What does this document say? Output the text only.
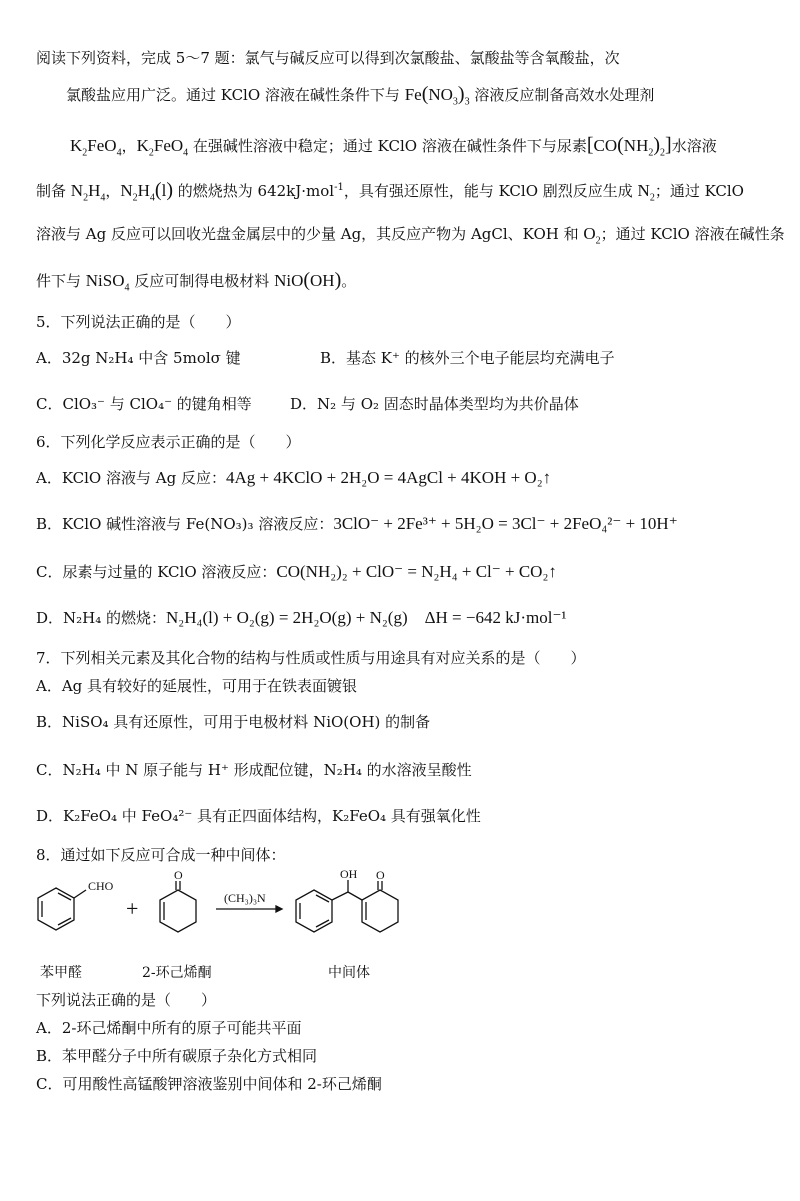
阅读下列资料，完成 5～7 题：氯气与碱反应可以得到次氯酸盐、氯酸盐等含氧酸盐，次
氯酸盐应用广泛。通过 KClO 溶液在碱性条件下与 $Fe(NO_3)_3$ 溶液反应制备高效水处理剂
$K_2FeO_4$，$K_2FeO_4$ 在强碱性溶液中稳定；通过 KClO 溶液在碱性条件下与尿素$[CO(NH_2)_2]$水溶液
制备 $N_2H_4$，$N_2H_4(l)$ 的燃烧热为 642kJ·mol$^{-1}$，具有强还原性，能与 KClO 剧烈反应生成 $N_2$；通过 KClO
溶液与 Ag 反应可以回收光盘金属层中的少量 Ag，其反应产物为 AgCl、KOH 和 $O_2$；通过 KClO 溶液在碱性条
件下与 NiSO$_4$ 反应可制得电极材料 NiO(OH)。
5．下列说法正确的是（　　）
A．32g N₂H₄ 中含 5molσ 键	B．基态 K⁺ 的核外三个电子能层均充满电子
C．ClO₃⁻ 与 ClO₄⁻ 的键角相等	D．N₂ 与 O₂ 固态时晶体类型均为共价晶体
6．下列化学反应表示正确的是（　　）
A．KClO 溶液与 Ag 反应：4Ag + 4KClO + 2H₂O = 4AgCl + 4KOH + O₂↑
B．KClO 碱性溶液与 Fe(NO₃)₃ 溶液反应：3ClO⁻ + 2Fe³⁺ + 5H₂O = 3Cl⁻ + 2FeO₄²⁻ + 10H⁺
C．尿素与过量的 KClO 溶液反应：CO(NH₂)₂ + ClO⁻ = N₂H₄ + Cl⁻ + CO₂↑
D．N₂H₄ 的燃烧：N₂H₄(l) + O₂(g) = 2H₂O(g) + N₂(g)　ΔH = −642 kJ·mol⁻¹
7．下列相关元素及其化合物的结构与性质或性质与用途具有对应关系的是（　　）
A．Ag 具有较好的延展性，可用于在铁表面镀银
B．NiSO₄ 具有还原性，可用于电极材料 NiO(OH) 的制备
C．N₂H₄ 中 N 原子能与 H⁺ 形成配位键，N₂H₄ 的水溶液呈酸性
D．K₂FeO₄ 中 FeO₄²⁻ 具有正四面体结构，K₂FeO₄ 具有强氧化性
8．通过如下反应可合成一种中间体：
CHO
O
+	(CH₃)₃N
OH O
苯甲醛	2-环己烯酮	中间体
下列说法正确的是（　　）
A．2-环己烯酮中所有的原子可能共平面
B．苯甲醛分子中所有碳原子杂化方式相同
C．可用酸性高锰酸钾溶液鉴别中间体和 2-环己烯酮
